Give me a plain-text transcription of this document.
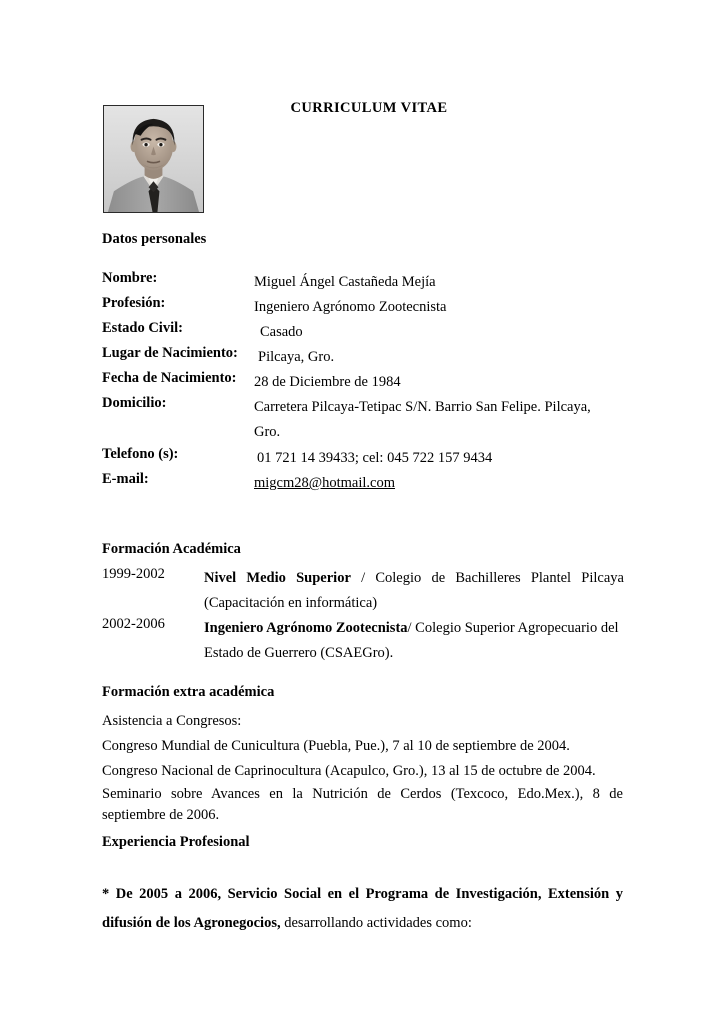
CURRICULUM VITAE
Datos personales
Nombre:	Miguel Ángel Castañeda Mejía
Profesión:	Ingeniero Agrónomo Zootecnista
Estado Civil:	Casado
Lugar de Nacimiento: Pilcaya, Gro.
Fecha de Nacimiento: 28 de Diciembre de 1984
Domicilio:	Carretera Pilcaya-Tetipac S/N. Barrio San Felipe. Pilcaya, Gro.
Telefono (s):	01 721 14 39433; cel: 045 722 157 9434
E-mail:	migcm28@hotmail.com
Formación Académica
1999-2002	Nivel Medio Superior / Colegio de Bachilleres Plantel Pilcaya (Capacitación en informática)
2002-2006	Ingeniero Agrónomo Zootecnista/ Colegio Superior Agropecuario del Estado de Guerrero (CSAEGro).
Formación extra académica
Asistencia a Congresos:
Congreso Mundial de Cunicultura (Puebla, Pue.), 7 al 10 de septiembre de 2004.
Congreso Nacional de Caprinocultura (Acapulco, Gro.), 13 al 15 de octubre de 2004.
Seminario sobre Avances en la Nutrición de Cerdos (Texcoco, Edo.Mex.), 8 de septiembre de 2006.
Experiencia Profesional
* De 2005 a 2006, Servicio Social en el Programa de Investigación, Extensión y difusión de los Agronegocios, desarrollando actividades como:
